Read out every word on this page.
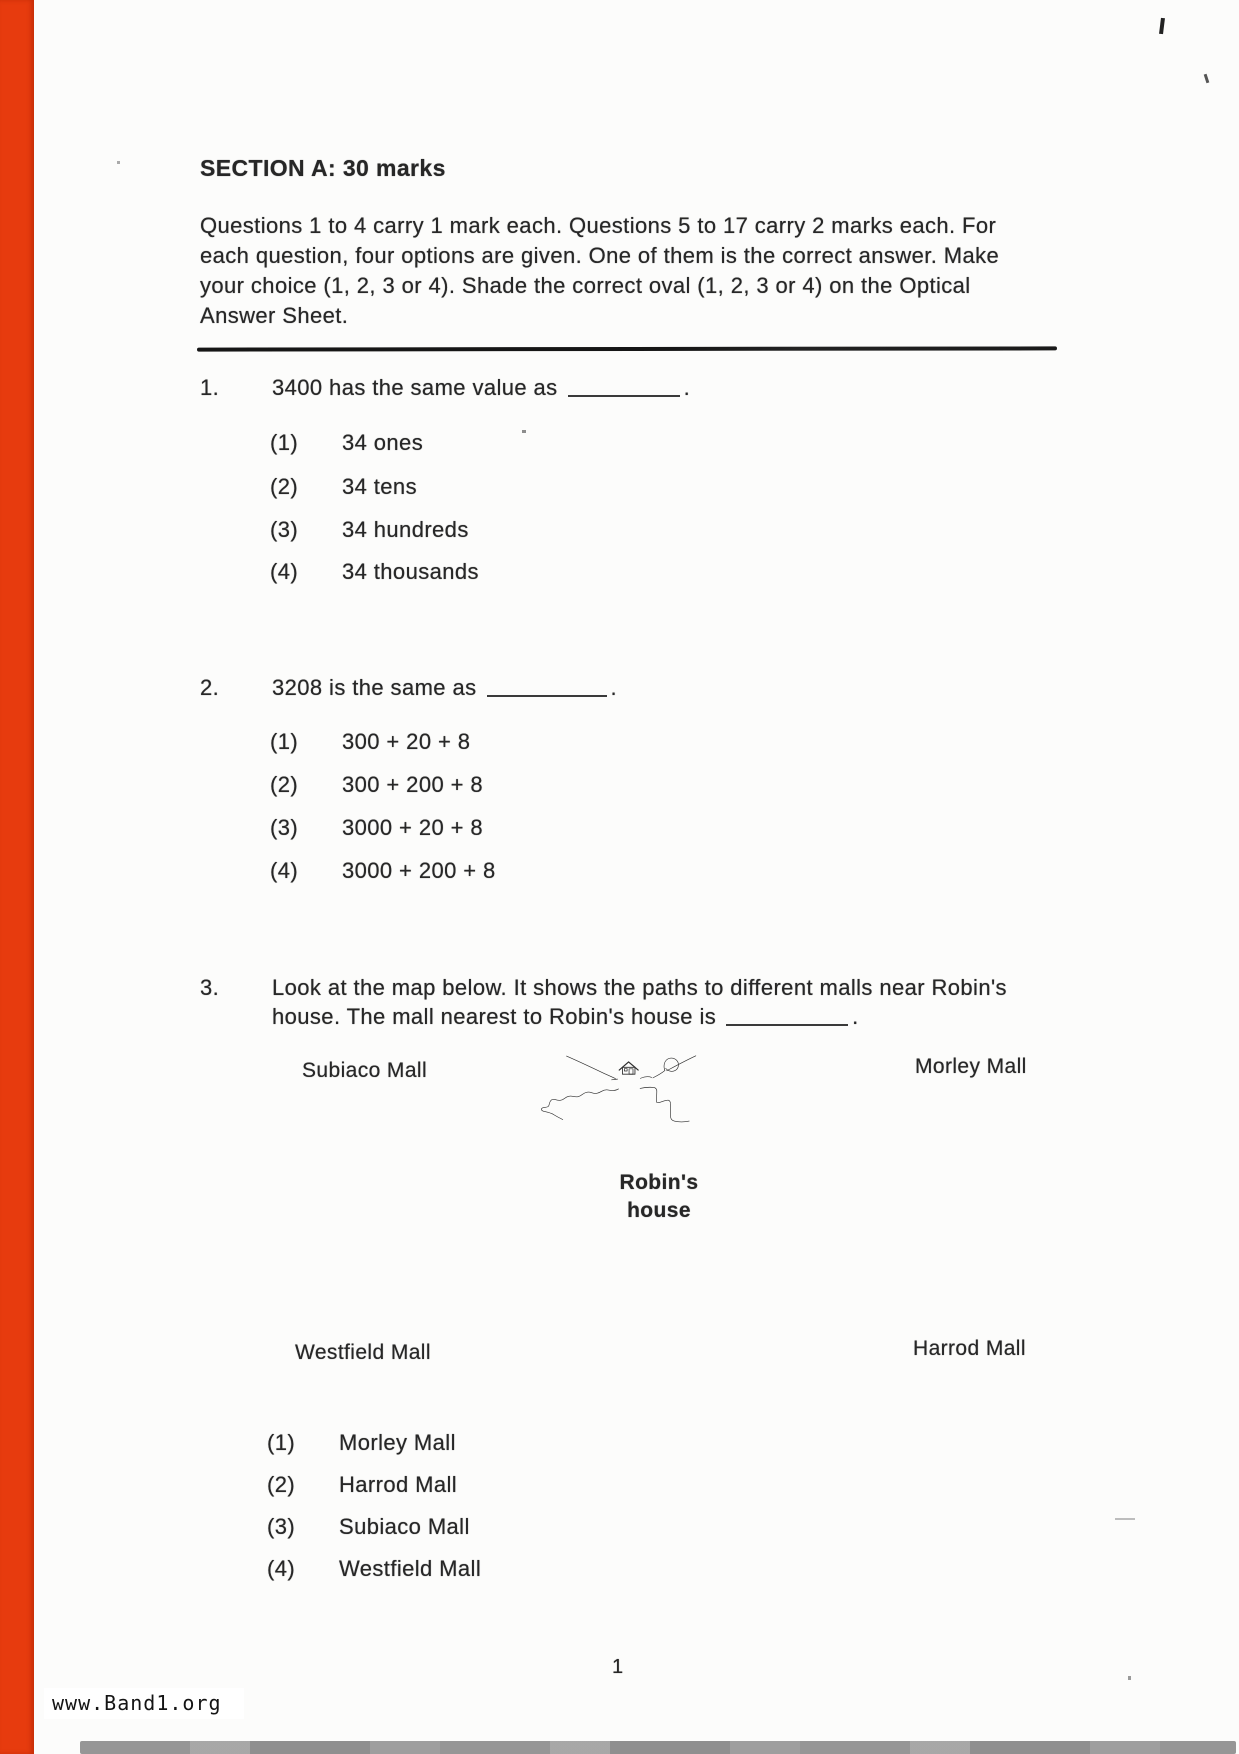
SECTION A: 30 marks
Questions 1 to 4 carry 1 mark each. Questions 5 to 17 carry 2 marks each. For
each question, four options are given. One of them is the correct answer. Make
your choice (1, 2, 3 or 4). Shade the correct oval (1, 2, 3 or 4) on the Optical
Answer Sheet.
1. 3400 has the same value as	.
(1) 34 ones
(2) 34 tens
(3) 34 hundreds
(4) 34 thousands
2. 3208 is the same as	.
(1) 300 + 20 + 8
(2) 300 + 200 + 8
(3) 3000 + 20 + 8
(4) 3000 + 200 + 8
3. Look at the map below. It shows the paths to different malls near Robin's
house. The mall nearest to Robin's house is	.
Subiaco Mall	Morley Mall
Robin's
house
Westfield Mall	Harrod Mall
(1) Morley Mall
(2) Harrod Mall
(3) Subiaco Mall
(4) Westfield Mall
1
www.Band1.org
